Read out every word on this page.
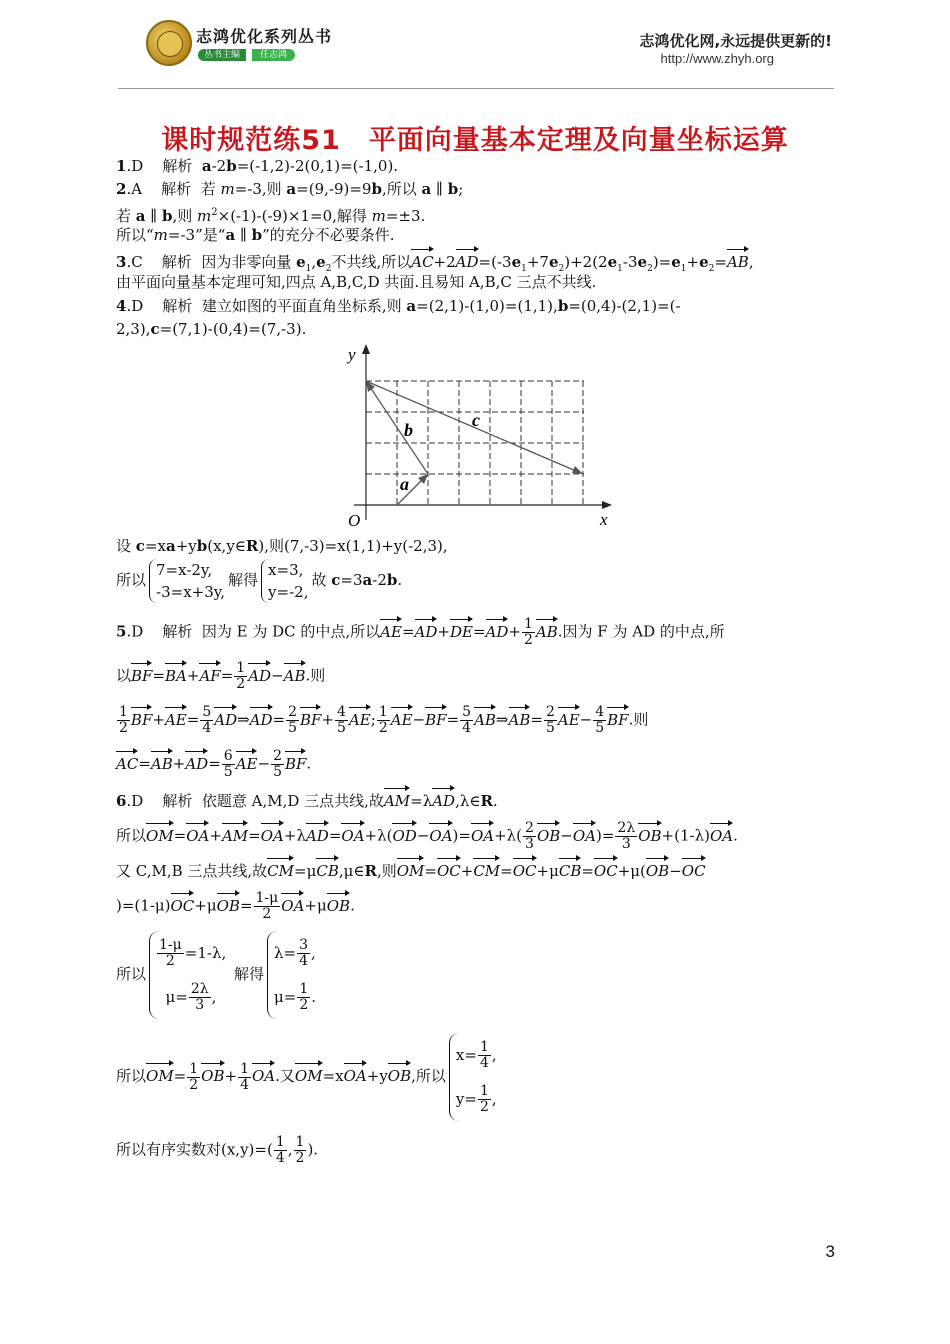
志鸿优化系列丛书
丛书主编	任志鸿
志鸿优化网,永远提供更新的!
http://www.zhyh.org
课时规范练51　平面向量基本定理及向量坐标运算
1.D 解析 a-2b=(-1,2)-2(0,1)=(-1,0).
2.A 解析 若 m=-3,则 a=(9,-9)=9b,所以 a ∥ b;
若 a ∥ b,则 $m^2\times(-1)-(-9)\times 1=0$,解得 m=±3.
所以“m=-3”是“a ∥ b”的充分不必要条件.
3.C 解析 因为非零向量 $e_1,e_2$不共线,所以$AC+2AD=(-3e_1+7e_2)+2(2e_1-3e_2)=e_1+e_2=AB$,
由平面向量基本定理可知,四点 A,B,C,D 共面.且易知 A,B,C 三点不共线.
4.D 解析 建立如图的平面直角坐标系,则 a=(2,1)-(1,0)=(1,1),b=(0,4)-(2,1)=(-
2,3),c=(7,1)-(0,4)=(7,-3).
设 c=xa+yb(x,y∈R),则(7,-3)=x(1,1)+y(-2,3),
所以
7=x-2y,
-3=x+3y,
解得
x=3,
y=-2,
故 c=3a-2b.
5.D 解析 因为 E 为 DC 的中点,所以$AE=AD+DE=AD+ \frac{1}{2}$ AB.因为 F 为 AD 的中点,所
以$BF=BA+AF= \frac{1}{2} AD-AB$.则
$\frac{1}{2} BF+AE= \frac{5}{4}$ AD⇒AD= $\frac{2}{5} BF+ \frac{4}{5}$ AE; $\frac{1}{2} AE-BF= \frac{5}{4}$ AB⇒AB= $\frac{2}{5} AE- \frac{4}{5}$ BF.则
$AC=AB+AD= \frac{6}{5} AE- \frac{2}{5}$ BF.
6.D 解析 依题意 A,M,D 三点共线,故AM=λAD,λ∈R.
所以$OM=OA+AM=OA+\lambda AD=OA+\lambda(OD-OA)=OA+\lambda( \frac{2}{3} OB-OA)= \frac{2\lambda}{3} OB+(1-\lambda)OA$.
又 C,M,B 三点共线,故CM=μCB,μ∈R,则OM=OC+CM=OC+μCB=OC+μ(OB−OC
)$=(1-\mu)OC+\mu OB= \frac{1-\mu}{2} OA+\mu OB$.
所以
$\frac{1-\mu}{2} =1-\lambda$,
$\mu= \frac{2\lambda}{3}$ ,
解得
$\lambda= \frac{3}{4}$ ,
$\mu= \frac{1}{2}$ .
所以$OM= \frac{1}{2} OB+ \frac{1}{4}$ OA.又OM=xOA+yOB,所以
$x= \frac{1}{4}$ ,
$y= \frac{1}{2}$ ,
所以有序实数对$(x,y)=( \frac{1}{4}$ , $\frac{1}{2}$ ).
y
x
O
a
b	c
3
